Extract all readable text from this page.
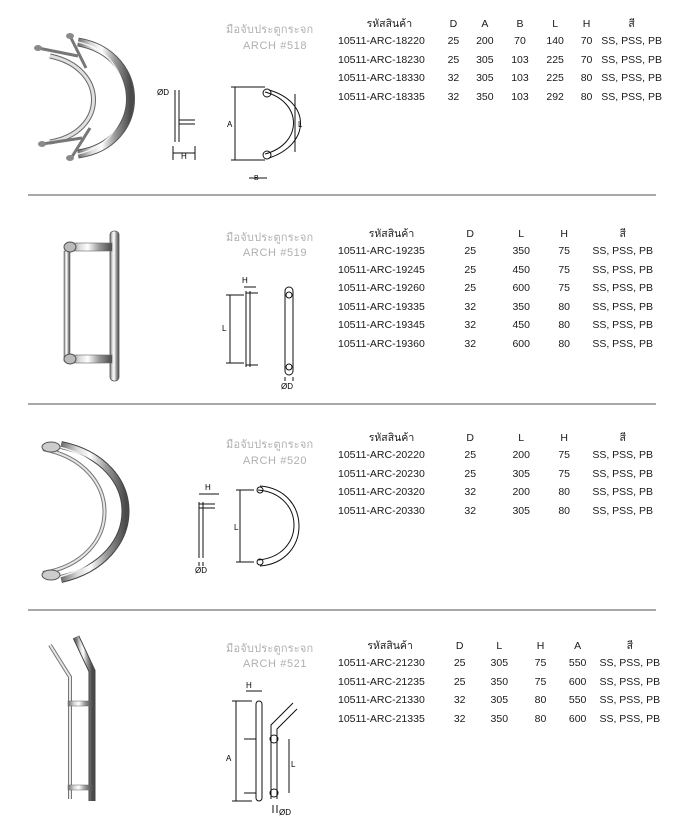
ØD
H
A	L
B
มือจับประตูกระจก
ARCH #518
รหัสสินค้า	D	A	B	L	H	สี
10511-ARC-18220	25	200	70	140	70	SS, PSS, PB
10511-ARC-18230	25	305	103	225	70	SS, PSS, PB
10511-ARC-18330	32	305	103	225	80	SS, PSS, PB
10511-ARC-18335	32	350	103	292	80	SS, PSS, PB
H
L
ØD
มือจับประตูกระจก
ARCH #519
รหัสสินค้า	D	L	H	สี
10511-ARC-19235	25	350	75	SS, PSS, PB
10511-ARC-19245	25	450	75	SS, PSS, PB
10511-ARC-19260	25	600	75	SS, PSS, PB
10511-ARC-19335	32	350	80	SS, PSS, PB
10511-ARC-19345	32	450	80	SS, PSS, PB
10511-ARC-19360	32	600	80	SS, PSS, PB
H
ØD
L
มือจับประตูกระจก
ARCH #520
รหัสสินค้า	D	L	H	สี
10511-ARC-20220	25	200	75	SS, PSS, PB
10511-ARC-20230	25	305	75	SS, PSS, PB
10511-ARC-20320	32	200	80	SS, PSS, PB
10511-ARC-20330	32	305	80	SS, PSS, PB
H
A
L
ØD
มือจับประตูกระจก
ARCH #521
รหัสสินค้า	D	L	H	A	สี
10511-ARC-21230	25	305	75	550	SS, PSS, PB
10511-ARC-21235	25	350	75	600	SS, PSS, PB
10511-ARC-21330	32	305	80	550	SS, PSS, PB
10511-ARC-21335	32	350	80	600	SS, PSS, PB
